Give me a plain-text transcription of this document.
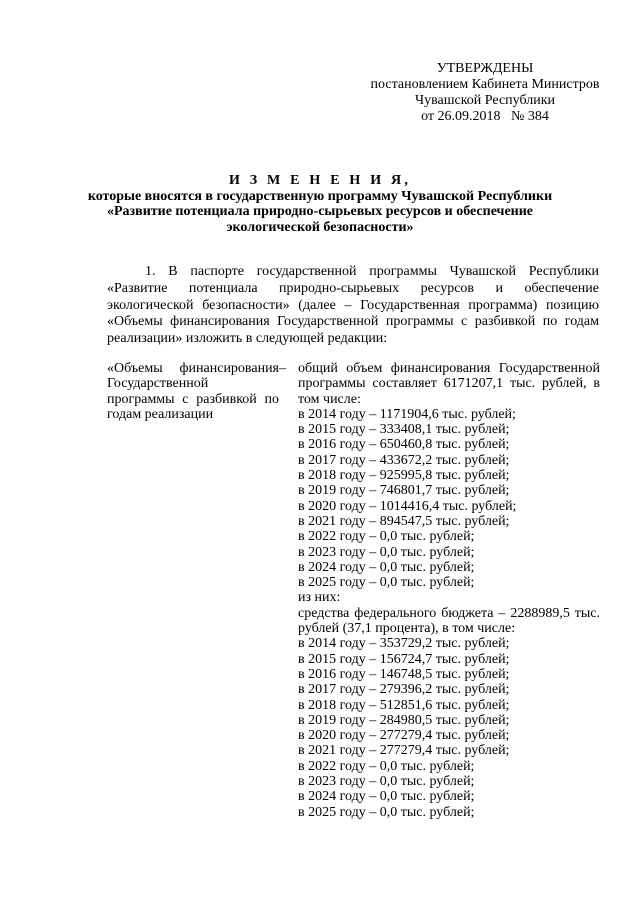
УТВЕРЖДЕНЫ
постановлением Кабинета Министров
Чувашской Республики
от 26.09.2018   № 384
И З М Е Н Е Н И Я,
которые вносятся в государственную программу Чувашской Республики
«Развитие потенциала природно-сырьевых ресурсов и обеспечение
экологической безопасности»
1. В паспорте государственной программы Чувашской Республики «Развитие потенциала природно-сырьевых ресурсов и обеспечение экологической безопасности» (далее – Государственная программа) позицию «Объемы финансирования Государственной программы с разбивкой по годам реализации» изложить в следующей редакции:
«Объемы финансирования Государственной программы с разбивкой по годам реализации
– общий объем финансирования Государственной программы составляет 6171207,1 тыс. рублей, в том числе:
в 2014 году – 1171904,6 тыс. рублей;
в 2015 году – 333408,1 тыс. рублей;
в 2016 году – 650460,8 тыс. рублей;
в 2017 году – 433672,2 тыс. рублей;
в 2018 году – 925995,8 тыс. рублей;
в 2019 году – 746801,7 тыс. рублей;
в 2020 году – 1014416,4 тыс. рублей;
в 2021 году – 894547,5 тыс. рублей;
в 2022 году – 0,0 тыс. рублей;
в 2023 году – 0,0 тыс. рублей;
в 2024 году – 0,0 тыс. рублей;
в 2025 году – 0,0 тыс. рублей;
из них:
средства федерального бюджета – 2288989,5 тыс. рублей (37,1 процента), в том числе:
в 2014 году – 353729,2 тыс. рублей;
в 2015 году – 156724,7 тыс. рублей;
в 2016 году – 146748,5 тыс. рублей;
в 2017 году – 279396,2 тыс. рублей;
в 2018 году – 512851,6 тыс. рублей;
в 2019 году – 284980,5 тыс. рублей;
в 2020 году – 277279,4 тыс. рублей;
в 2021 году – 277279,4 тыс. рублей;
в 2022 году – 0,0 тыс. рублей;
в 2023 году – 0,0 тыс. рублей;
в 2024 году – 0,0 тыс. рублей;
в 2025 году – 0,0 тыс. рублей;
